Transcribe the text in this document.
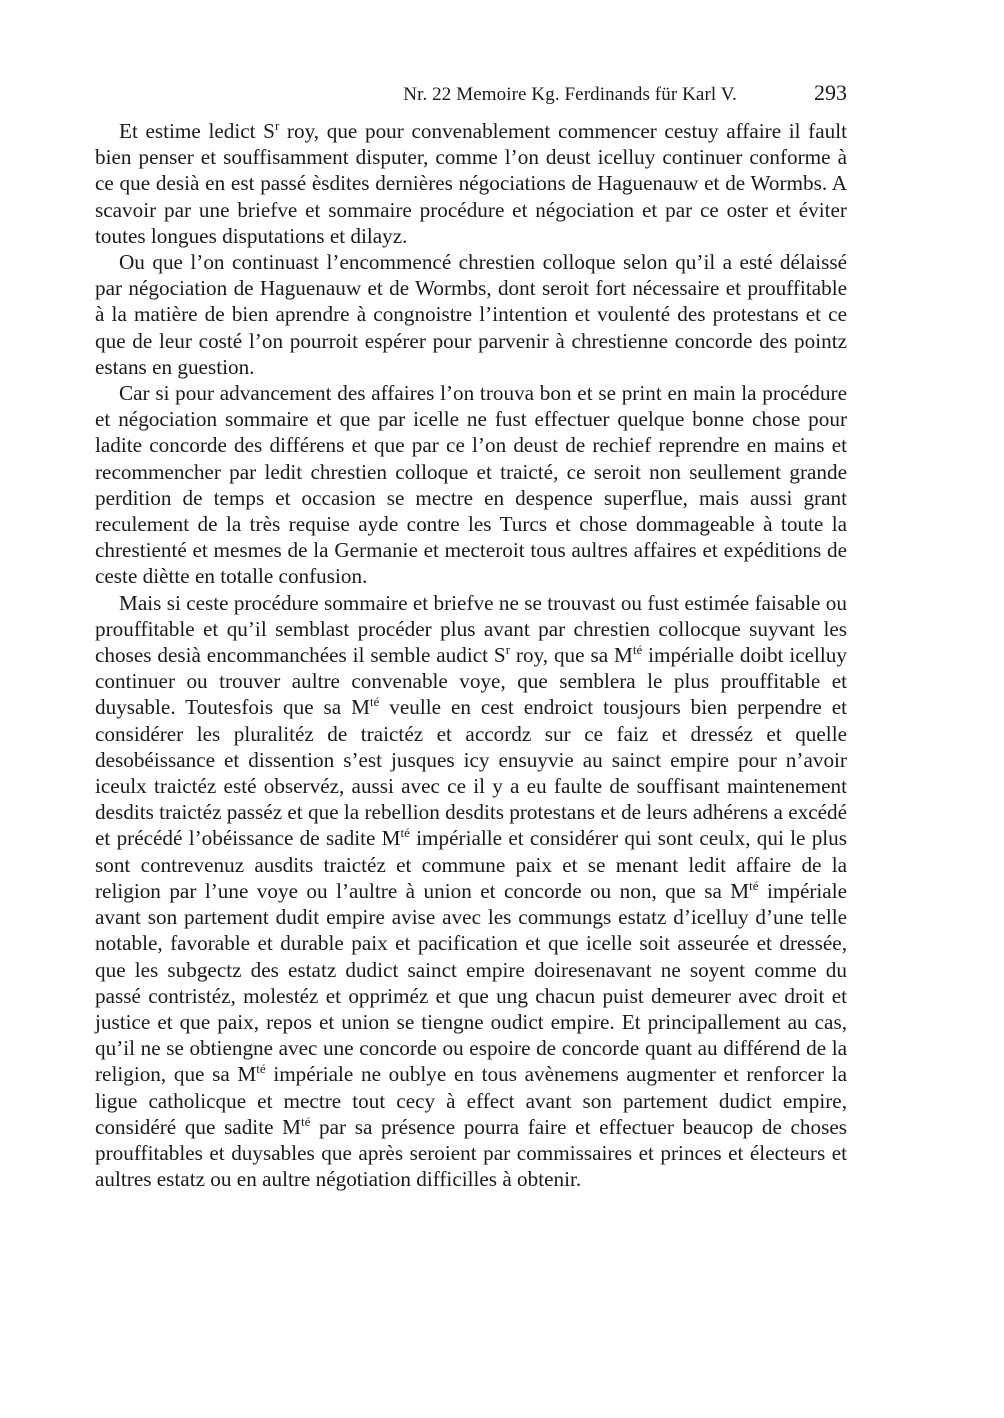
Nr. 22 Memoire Kg. Ferdinands für Karl V.	293

Et estime ledict $S^r$ roy, que pour convenablement commencer cestuy affaire il fault bien penser et souffisamment disputer, comme l’on deust icelluy continuer conforme à ce que desià en est passé èsdites dernières négociations de Haguenauw et de Wormbs. A scavoir par une briefve et sommaire procédure et négociation et par ce oster et éviter toutes longues disputations et dilayz.

Ou que l’on continuast l’encommencé chrestien colloque selon qu’il a esté délaissé par négociation de Haguenauw et de Wormbs, dont seroit fort nécessaire et prouffitable à la matière de bien aprendre à congnoistre l’intention et voulenté des protestans et ce que de leur costé l’on pourroit espérer pour parvenir à chrestienne concorde des pointz estans en guestion.

Car si pour advancement des affaires l’on trouva bon et se print en main la procédure et négociation sommaire et que par icelle ne fust effectuer quelque bonne chose pour ladite concorde des différens et que par ce l’on deust de rechief reprendre en mains et recommencher par ledit chrestien colloque et traicté, ce seroit non seullement grande perdition de temps et occasion se mectre en despence superflue, mais aussi grant reculement de la très requise ayde contre les Turcs et chose dommageable à toute la chrestienté et mesmes de la Germanie et mecteroit tous aultres affaires et expéditions de ceste diètte en totalle confusion.

Mais si ceste procédure sommaire et briefve ne se trouvast ou fust estimée faisable ou prouffitable et qu’il semblast procéder plus avant par chrestien collocque suyvant les choses desià encommanchées il semble audict $S^r$ roy, que sa $M^{té}$ impérialle doibt icelluy continuer ou trouver aultre convenable voye, que semblera le plus prouffitable et duysable. Toutesfois que sa $M^{té}$ veulle en cest endroict tousjours bien perpendre et considérer les pluralitéz de traictéz et accordz sur ce faiz et dresséz et quelle desobéissance et dissention s’est jusques icy ensuyvie au sainct empire pour n’avoir iceulx traictéz esté observéz, aussi avec ce il y a eu faulte de souffisant maintenement desdits traictéz passéz et que la rebellion desdits protestans et de leurs adhérens a excédé et précédé l’obéissance de sadite $M^{té}$ impérialle et considérer qui sont ceulx, qui le plus sont contrevenuz ausdits traictéz et commune paix et se menant ledit affaire de la religion par l’une voye ou l’aultre à union et concorde ou non, que sa $M^{té}$ impériale avant son partement dudit empire avise avec les commungs estatz d’icelluy d’une telle notable, favorable et durable paix et pacification et que icelle soit asseurée et dressée, que les subgectz des estatz dudict sainct empire doiresenavant ne soyent comme du passé contristéz, molestéz et oppriméz et que ung chacun puist demeurer avec droit et justice et que paix, repos et union se tiengne oudict empire. Et principallement au cas, qu’il ne se obtiengne avec une concorde ou espoire de concorde quant au différend de la religion, que sa $M^{té}$ impériale ne oublye en tous avènemens augmenter et renforcer la ligue catholicque et mectre tout cecy à effect avant son partement dudict empire, considéré que sadite $M^{té}$ par sa présence pourra faire et effectuer beaucop de choses prouffitables et duysables que après seroient par commissaires et princes et électeurs et aultres estatz ou en aultre négotiation difficilles à obtenir.
